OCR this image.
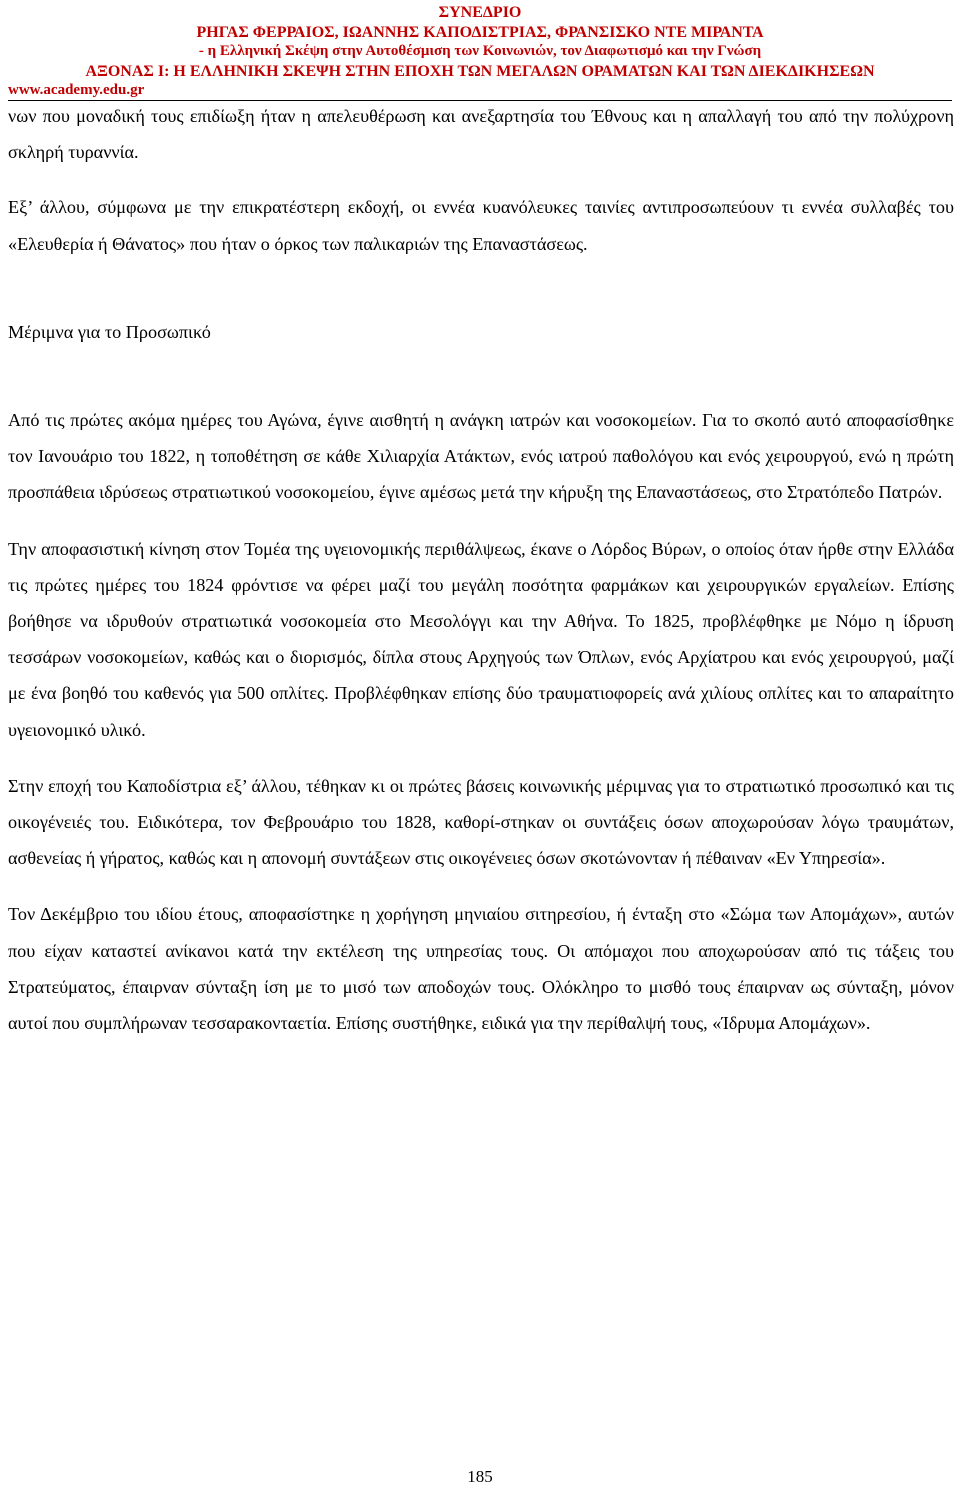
ΣΥΝΕΔΡΙΟ
ΡΗΓΑΣ ΦΕΡΡΑΙΟΣ, ΙΩΑΝΝΗΣ ΚΑΠΟΔΙΣΤΡΙΑΣ, ΦΡΑΝΣΙΣΚΟ ΝΤΕ ΜΙΡΑΝΤΑ
- η Ελληνική Σκέψη στην Αυτοθέσμιση των Κοινωνιών, τον Διαφωτισμό και την Γνώση
ΑΞΟΝΑΣ Ι: Η ΕΛΛΗΝΙΚΗ ΣΚΕΨΗ ΣΤΗΝ ΕΠΟΧΗ ΤΩΝ ΜΕΓΑΛΩΝ ΟΡΑΜΑΤΩΝ ΚΑΙ ΤΩΝ ΔΙΕΚΔΙΚΗΣΕΩΝ
www.academy.edu.gr

νων που μοναδική τους επιδίωξη ήταν η απελευθέρωση και ανεξαρτησία του Έθνους και η απαλλαγή του από την πολύχρονη σκληρή τυραννία.

Εξ’ άλλου, σύμφωνα με την επικρατέστερη εκδοχή, οι εννέα κυανόλευκες ταινίες αντιπροσωπεύουν τι εννέα συλλαβές του «Ελευθερία ή Θάνατος» που ήταν ο όρκος των παλικαριών της Επαναστάσεως.

Μέριμνα για το Προσωπικό

Από τις πρώτες ακόμα ημέρες του Αγώνα, έγινε αισθητή η ανάγκη ιατρών και νοσοκομείων. Για το σκοπό αυτό αποφασίσθηκε τον Ιανουάριο του 1822, η τοποθέτηση σε κάθε Χιλιαρχία Ατάκτων, ενός ιατρού παθολόγου και ενός χειρουργού, ενώ η πρώτη προσπάθεια ιδρύσεως στρατιωτικού νοσοκομείου, έγινε αμέσως μετά την κήρυξη της Επαναστάσεως, στο Στρατόπεδο Πατρών.

Την αποφασιστική κίνηση στον Τομέα της υγειονομικής περιθάλψεως, έκανε ο Λόρδος Βύρων, ο οποίος όταν ήρθε στην Ελλάδα τις πρώτες ημέρες του 1824 φρόντισε να φέρει μαζί του μεγάλη ποσότητα φαρμάκων και χειρουργικών εργαλείων. Επίσης βοήθησε να ιδρυθούν στρατιωτικά νοσοκομεία στο Μεσολόγγι και την Αθήνα. Το 1825, προβλέφθηκε με Νόμο η ίδρυση τεσσάρων νοσοκομείων, καθώς και ο διορισμός, δίπλα στους Αρχηγούς των Όπλων, ενός Αρχίατρου και ενός χειρουργού, μαζί με ένα βοηθό του καθενός για 500 οπλίτες. Προβλέφθηκαν επίσης δύο τραυματιοφορείς ανά χιλίους οπλίτες και το απαραίτητο υγειονομικό υλικό.

Στην εποχή του Καποδίστρια εξ’ άλλου, τέθηκαν κι οι πρώτες βάσεις κοινωνικής μέριμνας για το στρατιωτικό προσωπικό και τις οικογένειές του. Ειδικότερα, τον Φεβρουάριο του 1828, καθορί-στηκαν οι συντάξεις όσων αποχωρούσαν λόγω τραυμάτων, ασθενείας ή γήρατος, καθώς και η απονομή συντάξεων στις οικογένειες όσων σκοτώνονταν ή πέθαιναν «Εν Υπηρεσία».

Τον Δεκέμβριο του ιδίου έτους, αποφασίστηκε η χορήγηση μηνιαίου σιτηρεσίου, ή ένταξη στο «Σώμα των Απομάχων», αυτών που είχαν καταστεί ανίκανοι κατά την εκτέλεση της υπηρεσίας τους. Οι απόμαχοι που αποχωρούσαν από τις τάξεις του Στρατεύματος, έπαιρναν σύνταξη ίση με το μισό των αποδοχών τους. Ολόκληρο το μισθό τους έπαιρναν ως σύνταξη, μόνον αυτοί που συμπλήρωναν τεσσαρακονταετία. Επίσης συστήθηκε, ειδικά για την περίθαλψή τους, «Ίδρυμα Απομάχων».

185
